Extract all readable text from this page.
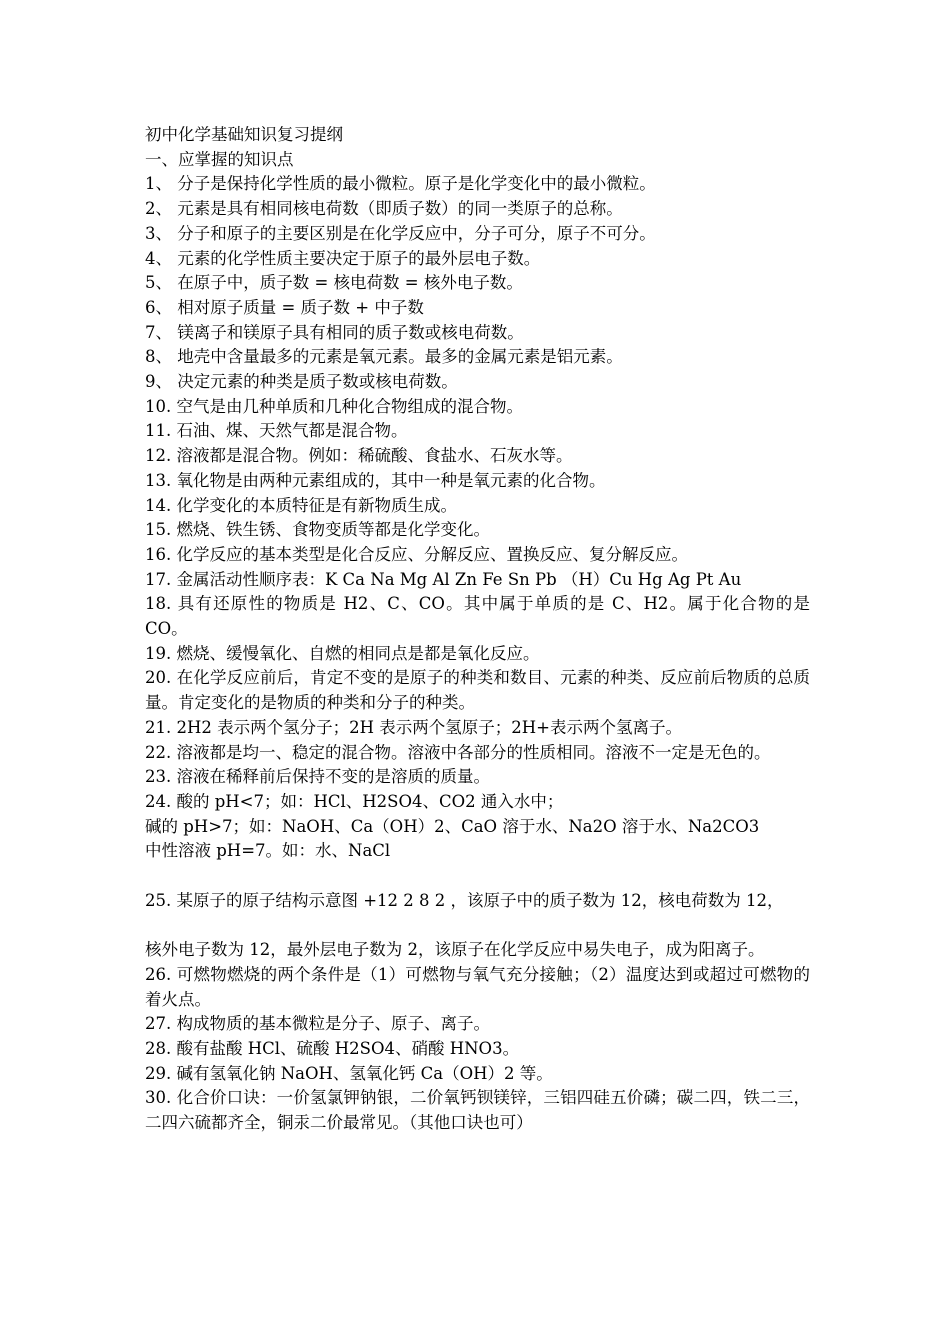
初中化学基础知识复习提纲
一、应掌握的知识点
1、 分子是保持化学性质的最小微粒。原子是化学变化中的最小微粒。
2、 元素是具有相同核电荷数（即质子数）的同一类原子的总称。
3、 分子和原子的主要区别是在化学反应中，分子可分，原子不可分。
4、 元素的化学性质主要决定于原子的最外层电子数。
5、 在原子中，质子数 = 核电荷数 = 核外电子数。
6、 相对原子质量 = 质子数 + 中子数
7、 镁离子和镁原子具有相同的质子数或核电荷数。
8、 地壳中含量最多的元素是氧元素。最多的金属元素是铝元素。
9、 决定元素的种类是质子数或核电荷数。
10. 空气是由几种单质和几种化合物组成的混合物。
11. 石油、煤、天然气都是混合物。
12. 溶液都是混合物。例如：稀硫酸、食盐水、石灰水等。
13. 氧化物是由两种元素组成的，其中一种是氧元素的化合物。
14. 化学变化的本质特征是有新物质生成。
15. 燃烧、铁生锈、食物变质等都是化学变化。
16. 化学反应的基本类型是化合反应、分解反应、置换反应、复分解反应。
17. 金属活动性顺序表：K Ca Na Mg Al Zn Fe Sn Pb （H）Cu Hg Ag Pt Au
18. 具有还原性的物质是 H2、C、CO。其中属于单质的是 C、H2。属于化合物的是 CO。
19. 燃烧、缓慢氧化、自燃的相同点是都是氧化反应。
20. 在化学反应前后，肯定不变的是原子的种类和数目、元素的种类、反应前后物质的总质量。肯定变化的是物质的种类和分子的种类。
21. 2H2 表示两个氢分子；2H 表示两个氢原子；2H+表示两个氢离子。
22. 溶液都是均一、稳定的混合物。溶液中各部分的性质相同。溶液不一定是无色的。
23. 溶液在稀释前后保持不变的是溶质的质量。
24. 酸的 pH<7；如：HCl、H2SO4、CO2 通入水中；
碱的 pH>7；如：NaOH、Ca（OH）2、CaO 溶于水、Na2O 溶于水、Na2CO3
中性溶液 pH=7。如：水、NaCl
25. 某原子的原子结构示意图 +12 2 8 2 ，该原子中的质子数为 12，核电荷数为 12，
核外电子数为 12，最外层电子数为 2，该原子在化学反应中易失电子，成为阳离子。
26. 可燃物燃烧的两个条件是（1）可燃物与氧气充分接触；（2）温度达到或超过可燃物的着火点。
27. 构成物质的基本微粒是分子、原子、离子。
28. 酸有盐酸 HCl、硫酸 H2SO4、硝酸 HNO3。
29. 碱有氢氧化钠 NaOH、氢氧化钙 Ca（OH）2 等。
30. 化合价口诀：一价氢氯钾钠银，二价氧钙钡镁锌，三铝四硅五价磷；碳二四，铁二三，二四六硫都齐全，铜汞二价最常见。（其他口诀也可）
